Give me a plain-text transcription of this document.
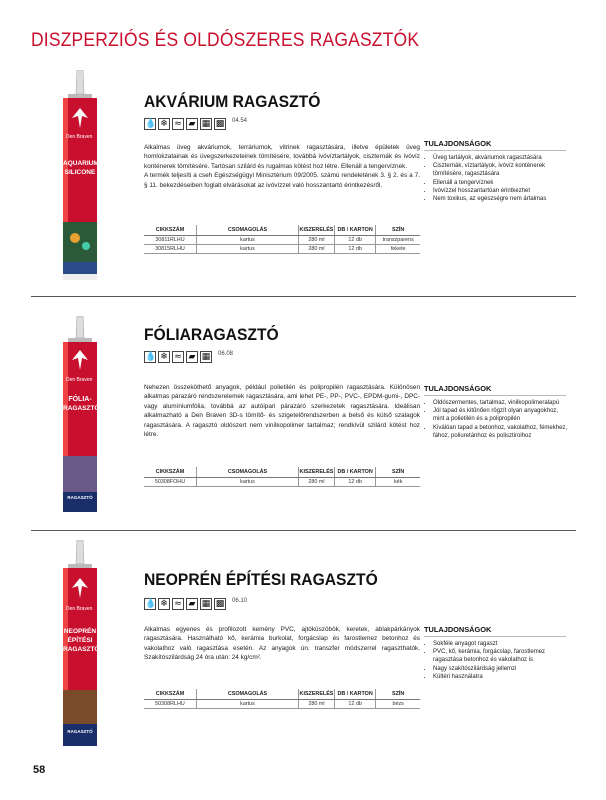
DISZPERZIÓS ÉS OLDÓSZERES RAGASZTÓK
Den Braven
AQUARIUM
SILICONE
AKVÁRIUM RAGASZTÓ
💧 ❄ ≈ ▰ ▦ ▩ 04.54

Alkalmas üveg akváriumok, terráriumok, vitrinek ragasztására, illetve épületek üveg homlokzatainak és üvegszerkezeteinek tömítésére, továbbá ivóvíztartályok, ciszternák és ivóvíz konténerek tömítésére. Tartósan szilárd és rugalmas kötést hoz létre. Ellenáll a tengervíznek.

A termék teljesíti a cseh Egészségügyi Minisztérium 09/2005. számú rendeletének 3. § 2. és a 7. § 11. bekezdéseiben foglalt elvárásokat az ivóvízzel való hosszantartó érintkezésről.

CIKKSZÁM	CSOMAGOLÁS	KISZERELÉS	DB / KARTON	SZÍN
30811RLHU	kartus	280 ml	12 db	transzparens
30815RLHU	kartus	280 ml	12 db	fekete
TULAJDONSÁGOK
• Üveg tartályok, akváriumok ragasztására
• Ciszternák, víztartályok, ivóvíz konténerek tömítésére, ragasztására
• Ellenáll a tengervíznek
• Ivóvízzel hosszantartóan érintkezhet
• Nem toxikus, az egészségre nem ártalmas
Den Braven
FÓLIA-
RAGASZTÓ
RAGASZTÓ
FÓLIARAGASZTÓ
💧 ❄ ≈ ▰ ▦ 06.08

Nehezen összeköthető anyagok, például polietilén és polipropilén ragasztására. Különösen alkalmas párazáró rendszerelemek ragasztására, ami lehet PE-, PP-, PVC-, EPDM-gumi-, DPC- vagy alumíniumfólia, továbbá az autóipari párazáró szerkezetek ragasztására. Ideálisan alkalmazható a Den Braven 3D-s tömítő- és szigetelőrendszerben a belső és külső szalagok ragasztására. A ragasztó oldószert nem vinilkopolimer tartalmaz; rendkívül szilárd kötést hoz létre.

CIKKSZÁM	CSOMAGOLÁS	KISZERELÉS	DB / KARTON	SZÍN
50308FOHU	kartus	280 ml	12 db	kék
TULAJDONSÁGOK
• Oldószermentes, tartalmaz, vinilkopolimeralapú
• Jól tapad és kitűnően rögzít olyan anyagokhoz, mint a polietilén és a polipropilén
• Kiválóan tapad a betonhoz, vakolathoz, fémekhez, fához, poliuretánhoz és polisztirolhoz
Den Braven
NEOPRÉN
ÉPÍTÉSI
RAGASZTÓ
RAGASZTÓ
NEOPRÉN ÉPÍTÉSI RAGASZTÓ
💧 ❄ ≈ ▰ ▦ ▩ 06.10

Alkalmas egyenes és profilozott kemény PVC, ajtóküszöbök, keretek, ablakpárkányok ragasztására. Használható kő, kerámia burkolat, forgácslap és farostlemez betonhoz és vakolathoz való ragasztása esetén. Az anyagok ún. transzfer módszerrel ragaszthatók. Szakítószilárdság 24 óra után: 24 kg/cm².

CIKKSZÁM	CSOMAGOLÁS	KISZERELÉS	DB / KARTON	SZÍN
50308RLHU	kartus	280 ml	12 db	bézs
TULAJDONSÁGOK
• Sokféle anyagot ragaszt
• PVC, kő, kerámia, forgácslap, farostlemez ragasztása betonhoz és vakolathoz is
• Nagy szakítószilárdság jellemzi
• Kültéri használatra
58
